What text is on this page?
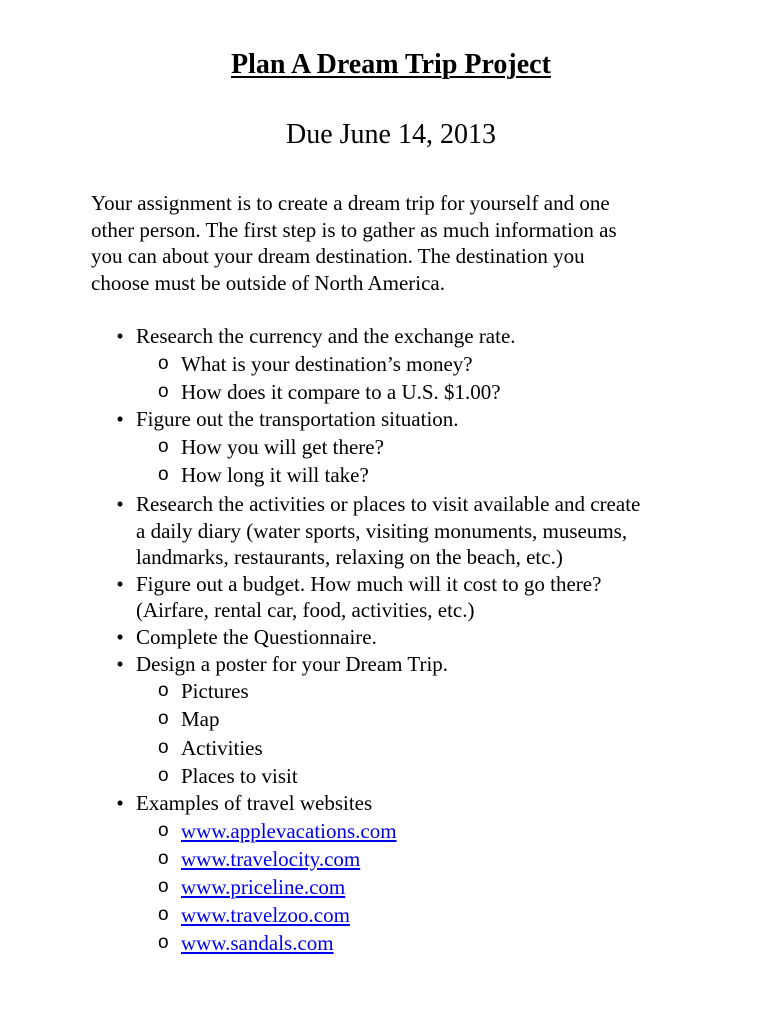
Plan A Dream Trip Project

Due June 14, 2013

Your assignment is to create a dream trip for yourself and one
other person. The first step is to gather as much information as
you can about your dream destination. The destination you
choose must be outside of North America.

• Research the currency and the exchange rate.
o What is your destination’s money?
o How does it compare to a U.S. $1.00?
• Figure out the transportation situation.
o How you will get there?
o How long it will take?
• Research the activities or places to visit available and create
a daily diary (water sports, visiting monuments, museums,
landmarks, restaurants, relaxing on the beach, etc.)
• Figure out a budget. How much will it cost to go there?
(Airfare, rental car, food, activities, etc.)
• Complete the Questionnaire.
• Design a poster for your Dream Trip.
o Pictures
o Map
o Activities
o Places to visit
• Examples of travel websites
o www.applevacations.com
o www.travelocity.com
o www.priceline.com
o www.travelzoo.com
o www.sandals.com
